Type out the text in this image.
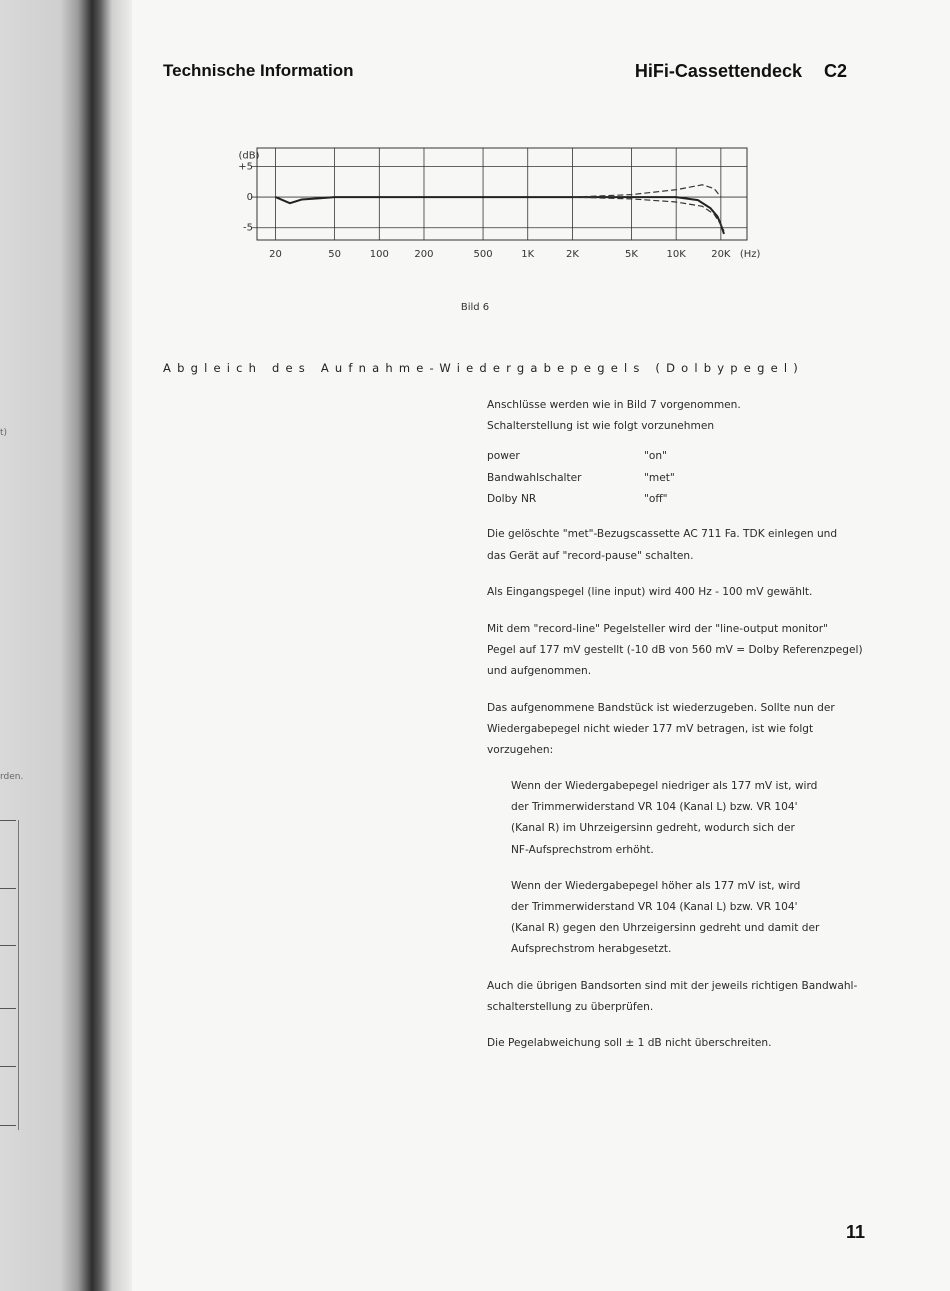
t)
rden.
Technische Information	HiFi-Cassettendeck C2
20	50	100	200	500	1K	2K	5K	10K	20K (Hz)
+5
0
-5
(dB)
Bild 6
Abgleich des Aufnahme-Wiedergabepegels (Dolbypegel)
Anschlüsse werden wie in Bild 7 vorgenommen.
Schalterstellung ist wie folgt vorzunehmen
power	"on"
Bandwahlschalter	"met"
Dolby NR	"off"
Die gelöschte "met"-Bezugscassette AC 711 Fa. TDK einlegen und
das Gerät auf "record-pause" schalten.
Als Eingangspegel (line input) wird 400 Hz - 100 mV gewählt.
Mit dem "record-line" Pegelsteller wird der "line-output monitor"
Pegel auf 177 mV gestellt (-10 dB von 560 mV = Dolby Referenzpegel)
und aufgenommen.
Das aufgenommene Bandstück ist wiederzugeben. Sollte nun der
Wiedergabepegel nicht wieder 177 mV betragen, ist wie folgt
vorzugehen:
Wenn der Wiedergabepegel niedriger als 177 mV ist, wird
der Trimmerwiderstand VR 104 (Kanal L) bzw. VR 104'
(Kanal R) im Uhrzeigersinn gedreht, wodurch sich der
NF-Aufsprechstrom erhöht.
Wenn der Wiedergabepegel höher als 177 mV ist, wird
der Trimmerwiderstand VR 104 (Kanal L) bzw. VR 104'
(Kanal R) gegen den Uhrzeigersinn gedreht und damit der
Aufsprechstrom herabgesetzt.
Auch die übrigen Bandsorten sind mit der jeweils richtigen Bandwahl-
schalterstellung zu überprüfen.
Die Pegelabweichung soll ± 1 dB nicht überschreiten.
11
